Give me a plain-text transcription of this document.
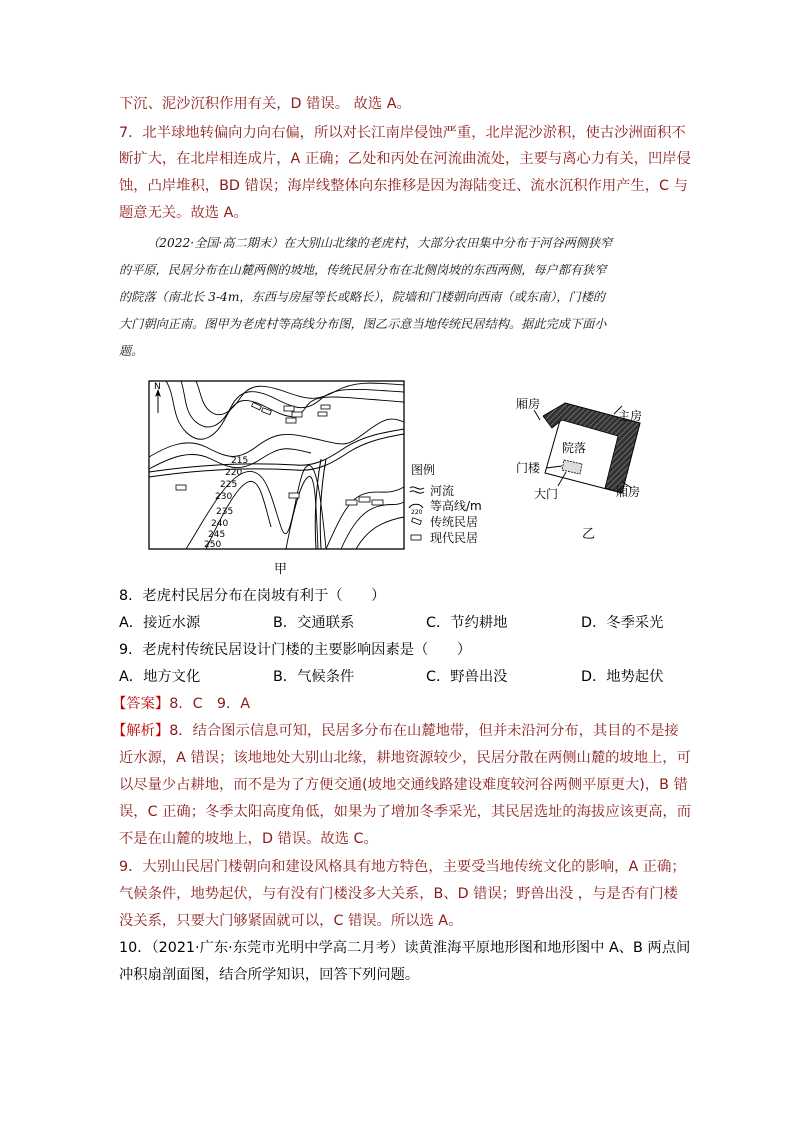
下沉、泥沙沉积作用有关，D 错误。 故选 A。
7．北半球地转偏向力向右偏，所以对长江南岸侵蚀严重，北岸泥沙淤积，使古沙洲面积不
断扩大，在北岸相连成片，A 正确；乙处和丙处在河流曲流处，主要与离心力有关，凹岸侵
蚀，凸岸堆积，BD 错误；海岸线整体向东推移是因为海陆变迁、流水沉积作用产生，C 与
题意无关。故选 A。
（2022·全国·高二期末）在大别山北缘的老虎村，大部分农田集中分布于河谷两侧狭窄
的平原，民居分布在山麓两侧的坡地，传统民居分布在北侧岗坡的东西两侧，每户都有狭窄
的院落（南北长 3-4m，东西与房屋等长或略长），院墙和门楼朝向西南（或东南），门楼的
大门朝向正南。图甲为老虎村等高线分布图，图乙示意当地传统民居结构。据此完成下面小
题。
N
215
220
225
230
235
240
245
250
甲
图例
河流
220 等高线/m
传统民居
现代民居
厢房
主房
院落
门楼
大门	厢房
乙
8．老虎村民居分布在岗坡有利于（　　）
A．接近水源	B．交通联系	C．节约耕地	D．冬季采光
9．老虎村传统民居设计门楼的主要影响因素是（　　）
A．地方文化	B．气候条件	C．野兽出没	D．地势起伏
【答案】8．C　9．A
【解析】8．结合图示信息可知，民居多分布在山麓地带，但并未沿河分布，其目的不是接
近水源，A 错误；该地地处大别山北缘，耕地资源较少，民居分散在两侧山麓的坡地上，可
以尽量少占耕地，而不是为了方便交通(坡地交通线路建设难度较河谷两侧平原更大)，B 错
误，C 正确；冬季太阳高度角低，如果为了增加冬季采光，其民居选址的海拔应该更高，而
不是在山麓的坡地上，D 错误。故选 C。
9．大别山民居门楼朝向和建设风格具有地方特色，主要受当地传统文化的影响，A 正确；
气候条件，地势起伏，与有没有门楼没多大关系，B、D 错误；野兽出没 ，与是否有门楼
没关系，只要大门够紧固就可以，C 错误。所以选 A。
10．（2021·广东·东莞市光明中学高二月考）读黄淮海平原地形图和地形图中 A、B 两点间
冲积扇剖面图，结合所学知识，回答下列问题。
